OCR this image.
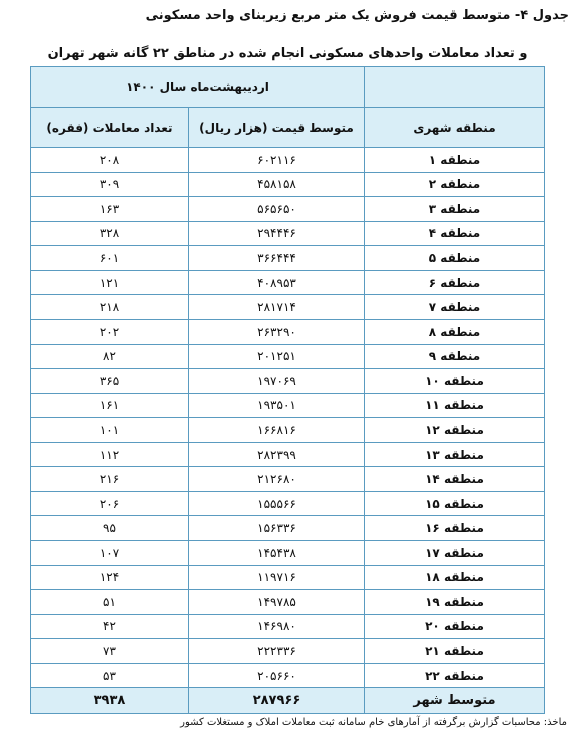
جدول ۴- متوسط قیمت فروش یک متر مربع زیربنای واحد مسکونی
و تعداد معاملات واحدهای مسکونی انجام شده در مناطق ۲۲ گانه شهر تهران
	اردیبهشت‌ماه سال ۱۴۰۰	
منطقه شهری	متوسط قیمت (هزار ریال)	تعداد معاملات (فقره)
منطقه ۱	۶۰۲۱۱۶	۲۰۸
منطقه ۲	۴۵۸۱۵۸	۳۰۹
منطقه ۳	۵۶۵۶۵۰	۱۶۳
منطقه ۴	۲۹۴۴۴۶	۳۲۸
منطقه ۵	۳۶۶۴۴۴	۶۰۱
منطقه ۶	۴۰۸۹۵۳	۱۲۱
منطقه ۷	۲۸۱۷۱۴	۲۱۸
منطقه ۸	۲۶۳۲۹۰	۲۰۲
منطقه ۹	۲۰۱۲۵۱	۸۲
منطقه ۱۰	۱۹۷۰۶۹	۳۶۵
منطقه ۱۱	۱۹۳۵۰۱	۱۶۱
منطقه ۱۲	۱۶۶۸۱۶	۱۰۱
منطقه ۱۳	۲۸۲۳۹۹	۱۱۲
منطقه ۱۴	۲۱۲۶۸۰	۲۱۶
منطقه ۱۵	۱۵۵۵۶۶	۲۰۶
منطقه ۱۶	۱۵۶۳۳۶	۹۵
منطقه ۱۷	۱۴۵۴۳۸	۱۰۷
منطقه ۱۸	۱۱۹۷۱۶	۱۲۴
منطقه ۱۹	۱۴۹۷۸۵	۵۱
منطقه ۲۰	۱۴۶۹۸۰	۴۲
منطقه ۲۱	۲۲۲۳۳۶	۷۳
منطقه ۲۲	۲۰۵۶۶۰	۵۳
متوسط شهر	۲۸۷۹۶۶	۳۹۳۸
ماخذ: محاسبات گزارش برگرفته از آمارهای خام سامانه ثبت معاملات املاک و مستغلات کشور
